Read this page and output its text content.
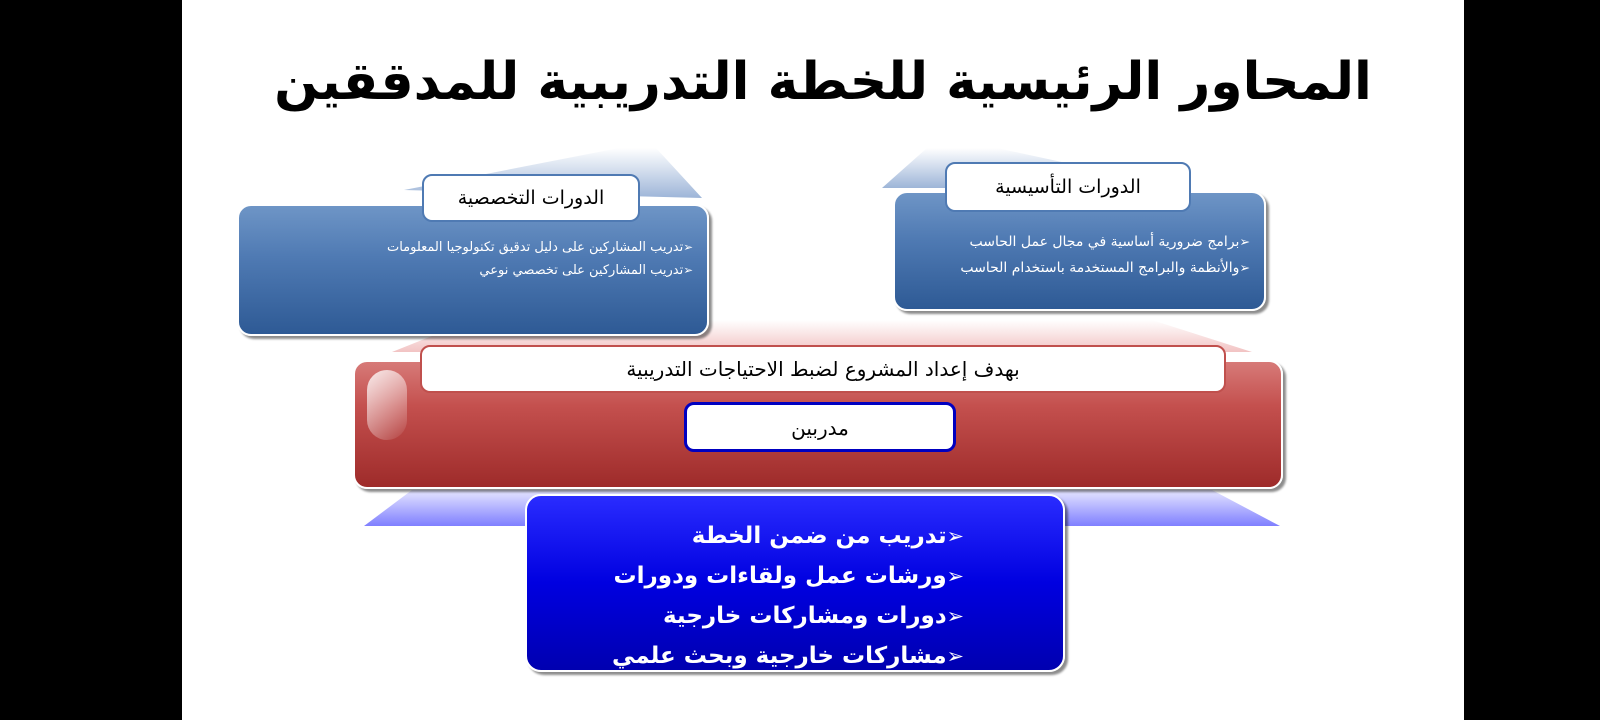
المحاور الرئيسية للخطة التدريبية للمدققين
➢تدريب المشاركين على دليل تدقيق تكنولوجيا المعلومات
➢تدريب المشاركين على تخصصي نوعي
الدورات التخصصية
➢برامج ضرورية أساسية في مجال عمل الحاسب
➢والأنظمة والبرامج المستخدمة باستخدام الحاسب
الدورات التأسيسية
بهدف إعداد المشروع لضبط الاحتياجات التدريبية
مدربين
➢تدريب من ضمن الخطة
➢ورشات عمل ولقاءات ودورات
➢دورات ومشاركات خارجية
➢مشاركات خارجية وبحث علمي
